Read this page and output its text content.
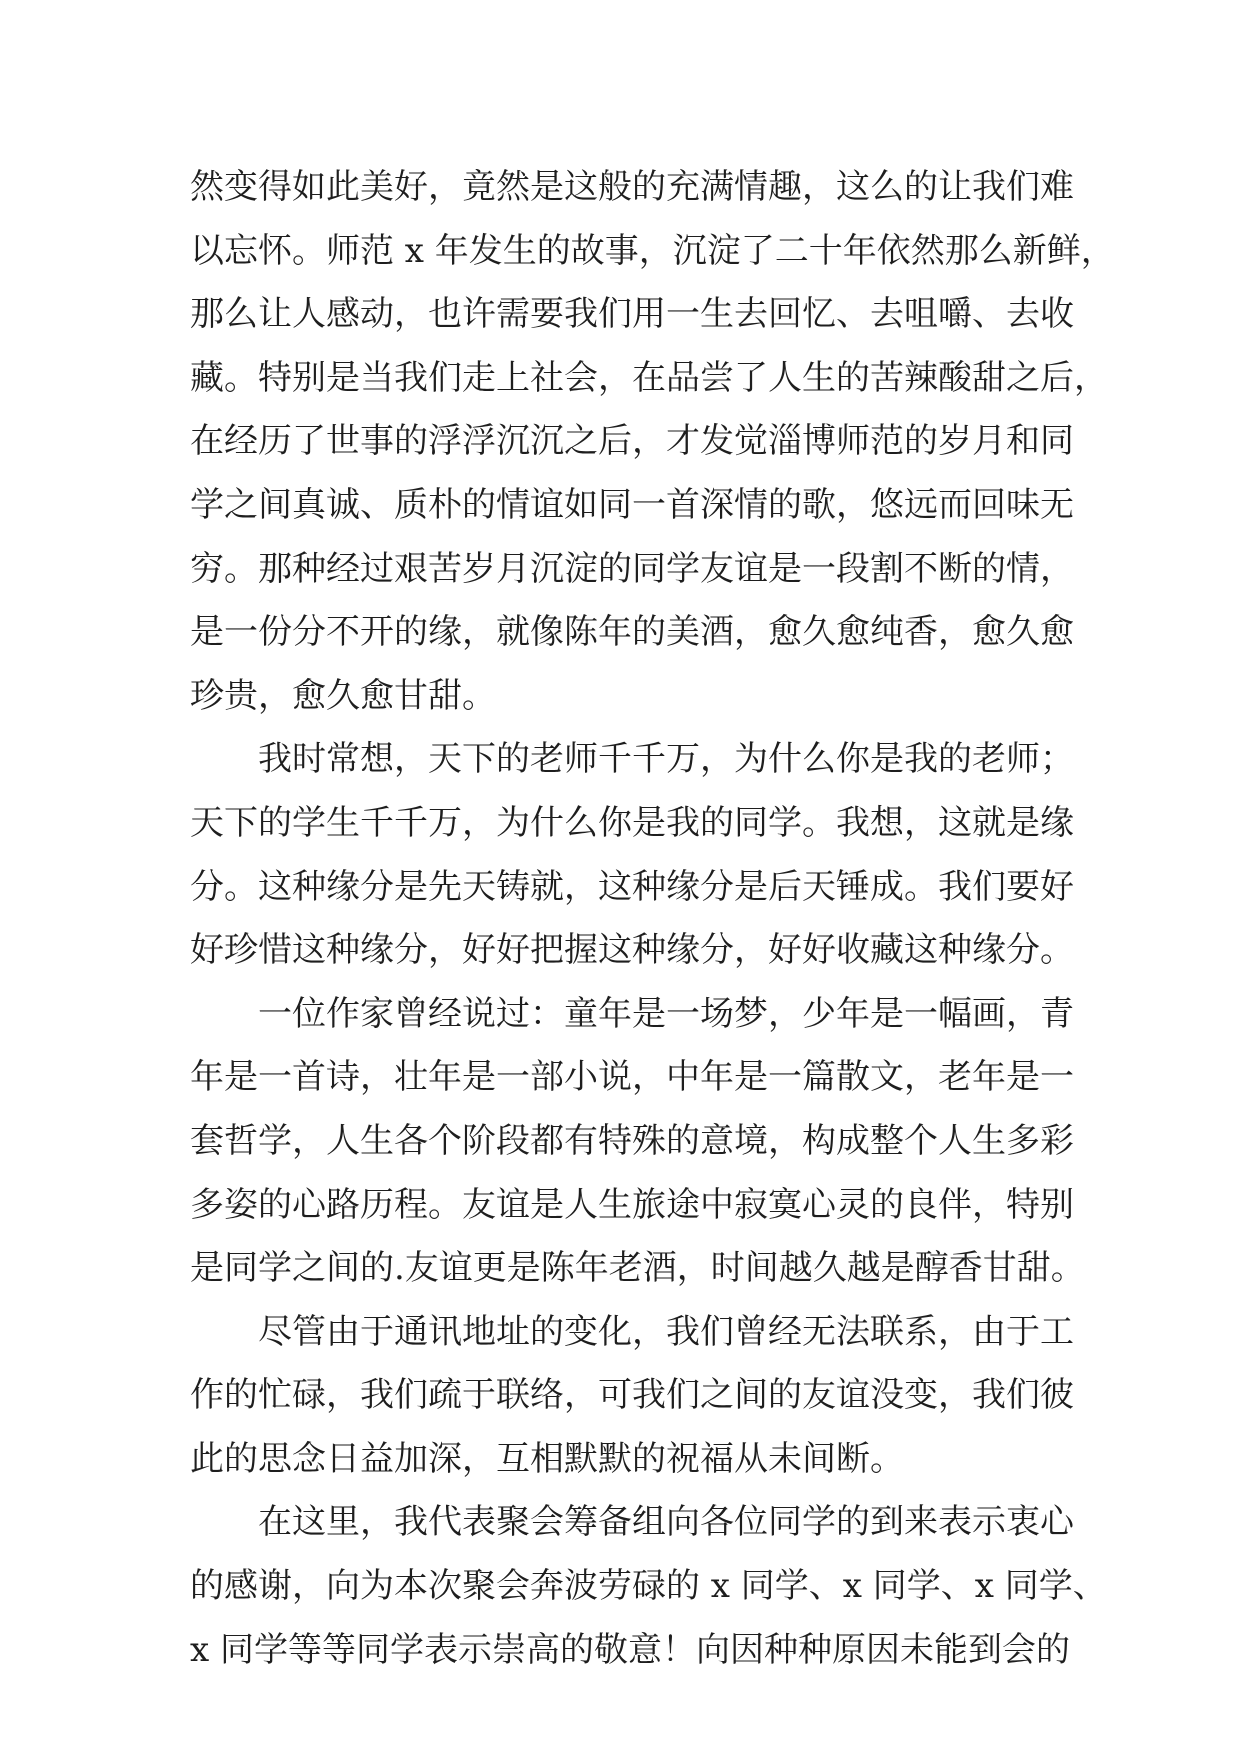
然变得如此美好，竟然是这般的充满情趣，这么的让我们难
以忘怀。师范 x 年发生的故事，沉淀了二十年依然那么新鲜，
那么让人感动，也许需要我们用一生去回忆、去咀嚼、去收
藏。特别是当我们走上社会，在品尝了人生的苦辣酸甜之后，
在经历了世事的浮浮沉沉之后，才发觉淄博师范的岁月和同
学之间真诚、质朴的情谊如同一首深情的歌，悠远而回味无
穷。那种经过艰苦岁月沉淀的同学友谊是一段割不断的情，
是一份分不开的缘，就像陈年的美酒，愈久愈纯香，愈久愈
珍贵，愈久愈甘甜。
我时常想，天下的老师千千万，为什么你是我的老师；
天下的学生千千万，为什么你是我的同学。我想，这就是缘
分。这种缘分是先天铸就，这种缘分是后天锤成。我们要好
好珍惜这种缘分，好好把握这种缘分，好好收藏这种缘分。
一位作家曾经说过：童年是一场梦，少年是一幅画，青
年是一首诗，壮年是一部小说，中年是一篇散文，老年是一
套哲学，人生各个阶段都有特殊的意境，构成整个人生多彩
多姿的心路历程。友谊是人生旅途中寂寞心灵的良伴，特别
是同学之间的.友谊更是陈年老酒，时间越久越是醇香甘甜。
尽管由于通讯地址的变化，我们曾经无法联系，由于工
作的忙碌，我们疏于联络，可我们之间的友谊没变，我们彼
此的思念日益加深，互相默默的祝福从未间断。
在这里，我代表聚会筹备组向各位同学的到来表示衷心
的感谢，向为本次聚会奔波劳碌的 x 同学、x 同学、x 同学、
x 同学等等同学表示崇高的敬意！向因种种原因未能到会的
